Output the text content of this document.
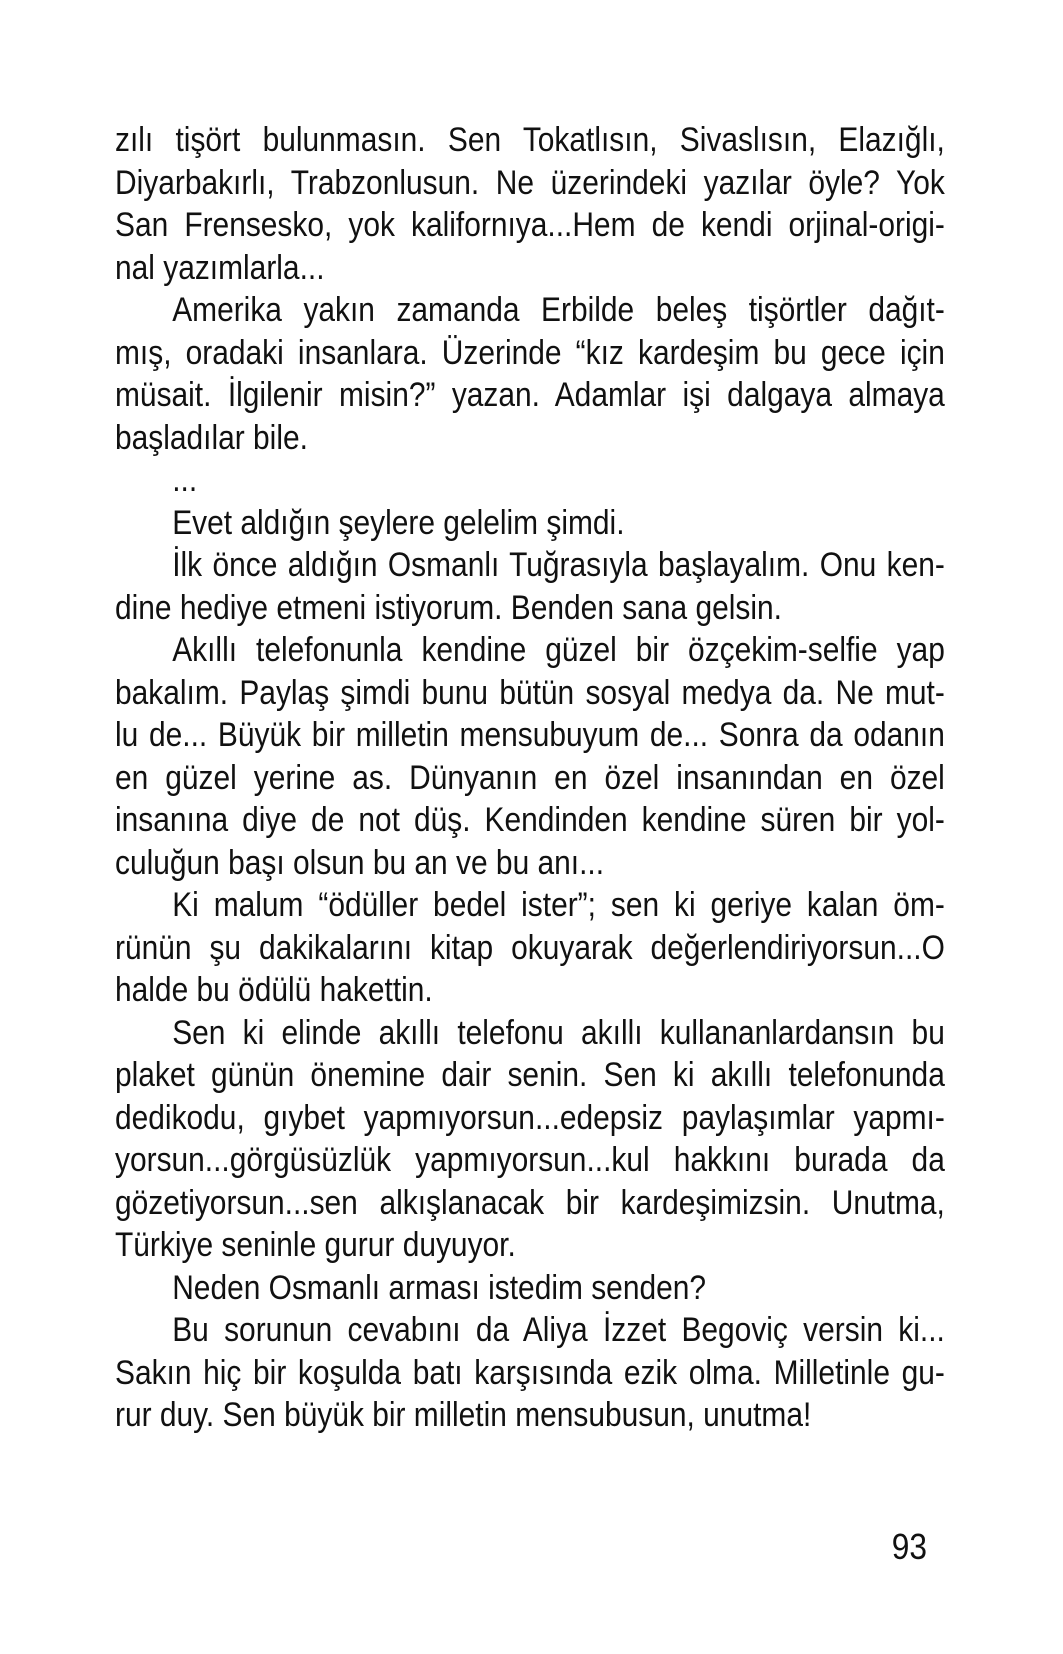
zılı tişört bulunmasın. Sen Tokatlısın, Sivaslısın, Elazığlı,
Diyarbakırlı, Trabzonlusun. Ne üzerindeki yazılar öyle? Yok
San Frensesko, yok kalifornıya...Hem de kendi orjinal-origi-
nal yazımlarla...
Amerika yakın zamanda Erbilde beleş tişörtler dağıt-
mış, oradaki insanlara. Üzerinde “kız kardeşim bu gece için
müsait. İlgilenir misin?” yazan. Adamlar işi dalgaya almaya
başladılar bile.
...
Evet aldığın şeylere gelelim şimdi.
İlk önce aldığın Osmanlı Tuğrasıyla başlayalım. Onu ken-
dine hediye etmeni istiyorum. Benden sana gelsin.
Akıllı telefonunla kendine güzel bir özçekim-selfie yap
bakalım. Paylaş şimdi bunu bütün sosyal medya da. Ne mut-
lu de... Büyük bir milletin mensubuyum de... Sonra da odanın
en güzel yerine as. Dünyanın en özel insanından en özel
insanına diye de not düş. Kendinden kendine süren bir yol-
culuğun başı olsun bu an ve bu anı...
Ki malum “ödüller bedel ister”; sen ki geriye kalan öm-
rünün şu dakikalarını kitap okuyarak değerlendiriyorsun...O
halde bu ödülü hakettin.
Sen ki elinde akıllı telefonu akıllı kullananlardansın bu
plaket günün önemine dair senin. Sen ki akıllı telefonunda
dedikodu, gıybet yapmıyorsun...edepsiz paylaşımlar yapmı-
yorsun...görgüsüzlük yapmıyorsun...kul hakkını burada da
gözetiyorsun...sen alkışlanacak bir kardeşimizsin. Unutma,
Türkiye seninle gurur duyuyor.
Neden Osmanlı arması istedim senden?
Bu sorunun cevabını da Aliya İzzet Begoviç versin ki...
Sakın hiç bir koşulda batı karşısında ezik olma. Milletinle gu-
rur duy. Sen büyük bir milletin mensubusun, unutma!
93
